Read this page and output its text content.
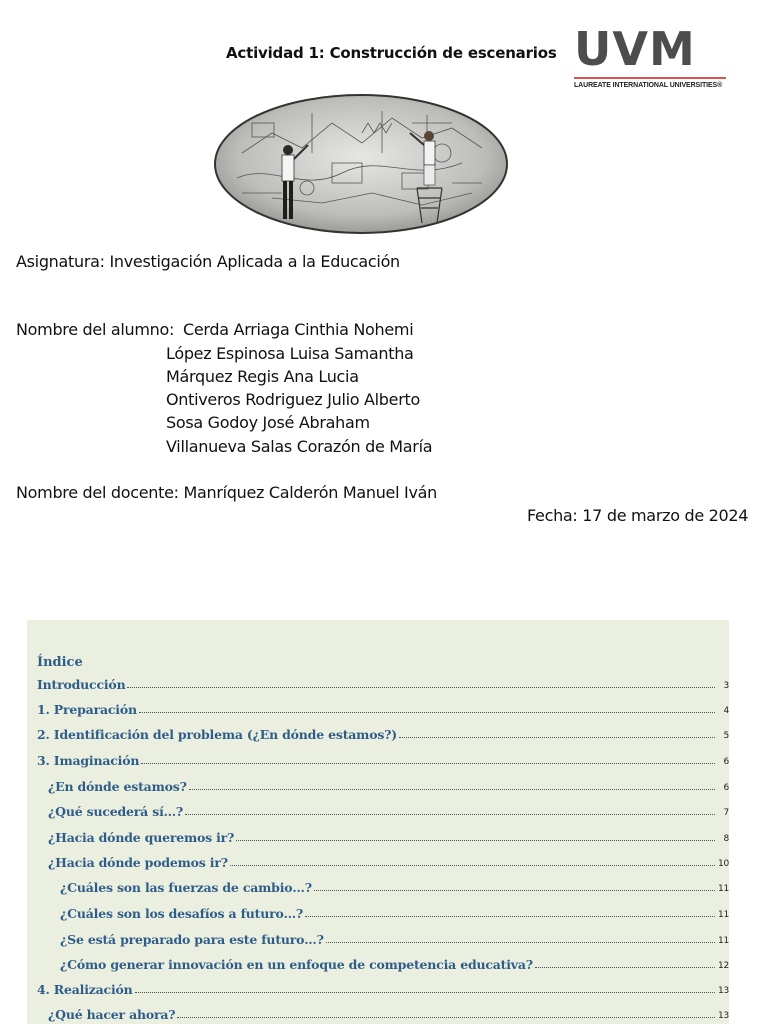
Actividad 1: Construcción de escenarios UVM
LAUREATE INTERNATIONAL UNIVERSITIES®
Asignatura: Investigación Aplicada a la Educación
Nombre del alumno: Cerda Arriaga Cinthia Nohemi
López Espinosa Luisa Samantha
Márquez Regis Ana Lucia
Ontiveros Rodriguez Julio Alberto
Sosa Godoy José Abraham
Villanueva Salas Corazón de María
Nombre del docente: Manríquez Calderón Manuel Iván
Fecha: 17 de marzo de 2024
Índice
Introducción	3
1. Preparación	4
2. Identificación del problema (¿En dónde estamos?)	5
3. Imaginación	6
¿En dónde estamos?	6
¿Qué sucederá sí…?	7
¿Hacia dónde queremos ir?	8
¿Hacia dónde podemos ir?	10
¿Cuáles son las fuerzas de cambio…?	11
¿Cuáles son los desafíos a futuro…?	11
¿Se está preparado para este futuro…?	11
¿Cómo generar innovación en un enfoque de competencia educativa?	12
4. Realización	13
¿Qué hacer ahora?	13
